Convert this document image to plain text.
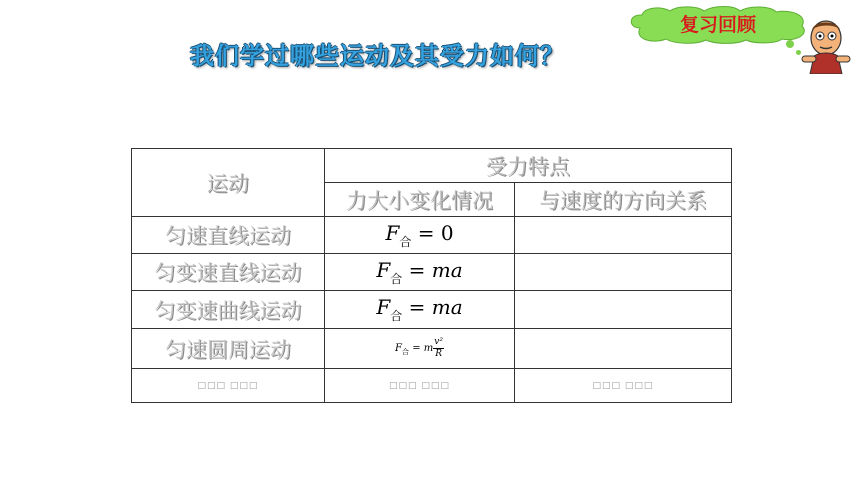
我们学过哪些运动及其受力如何？
复习回顾
运动	受力特点	
	力大小变化情况	与速度的方向关系
匀速直线运动	$F_合 = 0$	
匀变速直线运动	$F_合$ = ma	
匀变速曲线运动	$F_合$ = ma	
匀速圆周运动	$F_合 = m \frac{\text{v²}}{R}$	
□□□ □□□	□□□ □□□	□□□ □□□
